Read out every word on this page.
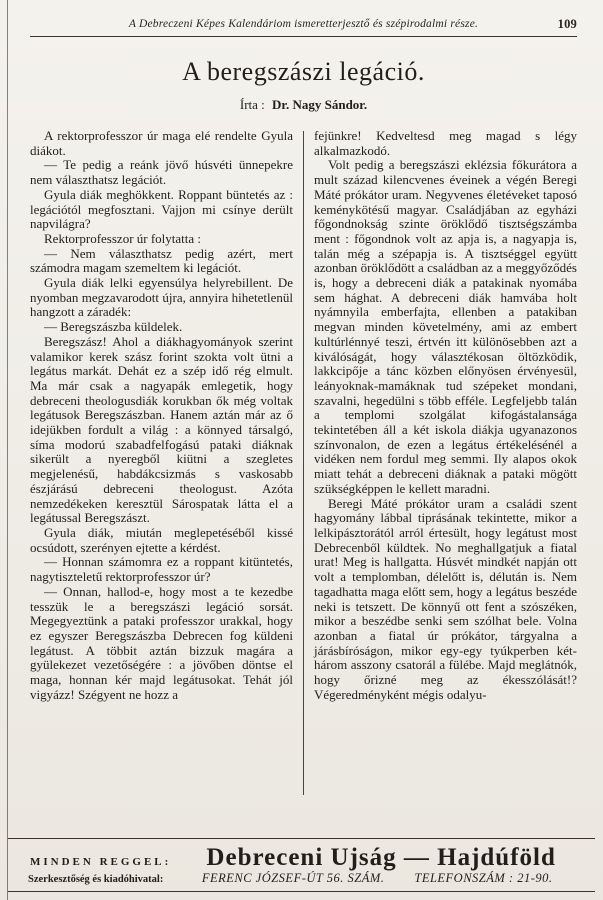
A Debreczeni Képes Kalendáriom ismeretterjesztő és szépirodalmi része.	109
A beregszászi legáció.
Írta : Dr. Nagy Sándor.

A rektorprofesszor úr maga elé rendelte Gyula diákot.

— Te pedig a reánk jövő húsvéti ünnepekre nem választhatsz legációt.

Gyula diák meghökkent. Roppant büntetés az : legációtól megfosztani. Vajjon mi csínye derült napvilágra?

Rektorprofesszor úr folytatta :

— Nem választhatsz pedig azért, mert számodra magam szemeltem ki legációt.

Gyula diák lelki egyensúlya helyrebillent. De nyomban megzavarodott újra, annyira hihetetlenül hangzott a záradék:

— Beregszászba küldelek.

Beregszász! Ahol a diákhagyományok szerint valamikor kerek szász forint szokta volt ütni a legátus markát. Dehát ez a szép idő rég elmult. Ma már csak a nagyapák emlegetik, hogy debreceni theologusdiák korukban ők még voltak legátusok Beregszászban. Hanem aztán már az ő idejükben fordult a világ : a könnyed társalgó, síma modorú szabadfelfogású pataki diáknak sikerült a nyeregből kiütni a szegletes megjelenésű, habdákcsizmás s vaskosabb észjárású debreceni theologust. Azóta nemzedékeken keresztül Sárospatak látta el a legátussal Beregszászt.

Gyula diák, miután meglepetéséből kissé ocsúdott, szerényen ejtette a kérdést.

— Honnan számomra ez a roppant kitüntetés, nagytiszteletű rektorprofesszor úr?

— Onnan, hallod-e, hogy most a te kezedbe tesszük le a beregszászi legáció sorsát. Megegyeztünk a pataki professzor urakkal, hogy ez egyszer Beregszászba Debrecen fog küldeni legátust. A többit aztán bizzuk magára a gyülekezet vezetőségére : a jövőben döntse el maga, honnan kér majd legátusokat. Tehát jól vigyázz! Szégyent ne hozz a

fejünkre! Kedveltesd meg magad s légy alkalmazkodó.

Volt pedig a beregszászi eklézsia főkurátora a mult század kilencvenes éveinek a végén Beregi Máté prókátor uram. Negyvenes életéveket taposó keménykötésű magyar. Családjában az egyházi főgondnokság szinte öröklődő tisztségszámba ment : főgondnok volt az apja is, a nagyapja is, talán még a szépapja is. A tisztséggel együtt azonban öröklődött a családban az a meggyőződés is, hogy a debreceni diák a patakinak nyomába sem hághat. A debreceni diák hamvába holt nyámnyila emberfajta, ellenben a patakiban megvan minden követelmény, ami az embert kultúrlénnyé teszi, értvén itt különösebben azt a kiválóságát, hogy választékosan öltözködik, lakkcipője a tánc közben előnyösen érvényesül, leányoknak-mamáknak tud szépeket mondani, szavalni, hegedülni s több efféle. Legfeljebb talán a templomi szolgálat kifogástalansága tekintetében áll a két iskola diákja ugyanazonos színvonalon, de ezen a legátus értékelésénél a vidéken nem fordul meg semmi. Ily alapos okok miatt tehát a debreceni diáknak a pataki mögött szükségképpen le kellett maradni.

Beregi Máté prókátor uram a családi szent hagyomány lábbal tiprásának tekintette, mikor a lelkipásztorától arról értesült, hogy legátust most Debrecenből küldtek. No meghallgatjuk a fiatal urat! Meg is hallgatta. Húsvét mindkét napján ott volt a templomban, délelőtt is, délután is. Nem tagadhatta maga előtt sem, hogy a legátus beszéde neki is tetszett. De könnyű ott fent a szószéken, mikor a beszédbe senki sem szólhat bele. Volna azonban a fiatal úr prókátor, tárgyalna a járásbíróságon, mikor egy-egy tyúkperben két-három asszony csatorál a fülébe. Majd meglátnók, hogy őrizné meg az ékesszólását!? Végeredményként mégis odalyu-

MINDEN REGGEL:	Debreceni Ujság — Hajdúföld
Szerkesztőség és kiadóhivatal:	FERENC JÓZSEF-ÚT 56. SZÁM. TELEFONSZÁM : 21-90.
